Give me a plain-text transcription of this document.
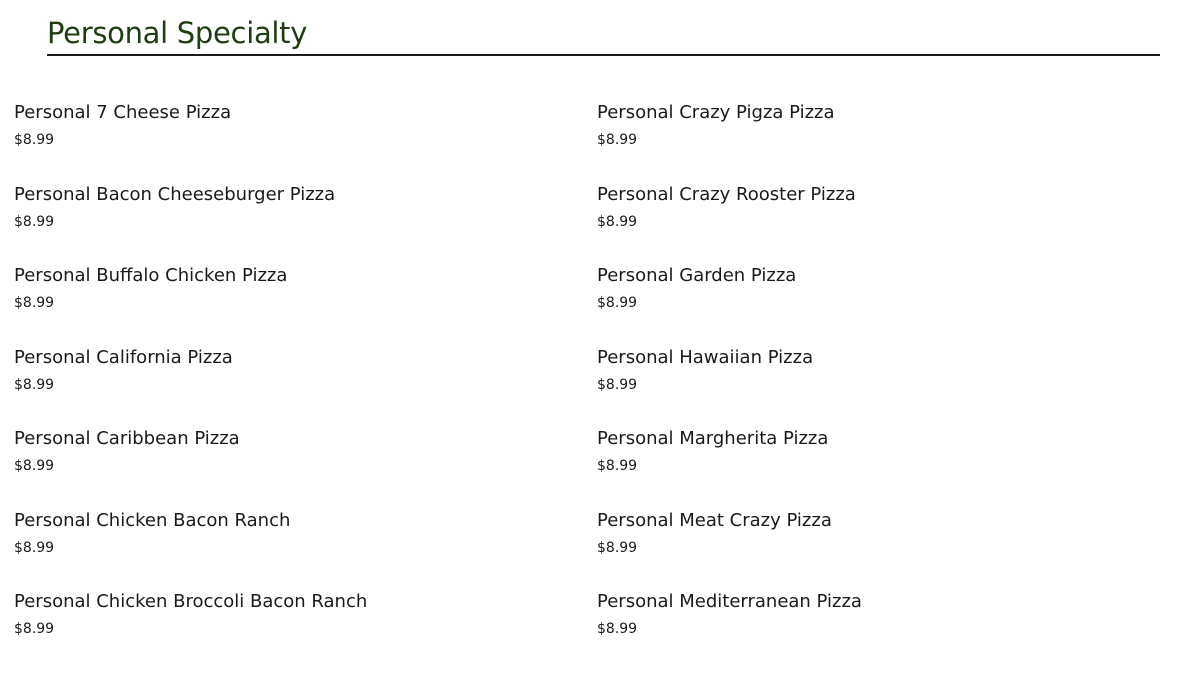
Personal Specialty
Personal 7 Cheese Pizza
$8.99
Personal Crazy Pigza Pizza
$8.99
Personal Bacon Cheeseburger Pizza
$8.99
Personal Crazy Rooster Pizza
$8.99
Personal Buffalo Chicken Pizza
$8.99
Personal Garden Pizza
$8.99
Personal California Pizza
$8.99
Personal Hawaiian Pizza
$8.99
Personal Caribbean Pizza
$8.99
Personal Margherita Pizza
$8.99
Personal Chicken Bacon Ranch
$8.99
Personal Meat Crazy Pizza
$8.99
Personal Chicken Broccoli Bacon Ranch
$8.99
Personal Mediterranean Pizza
$8.99
